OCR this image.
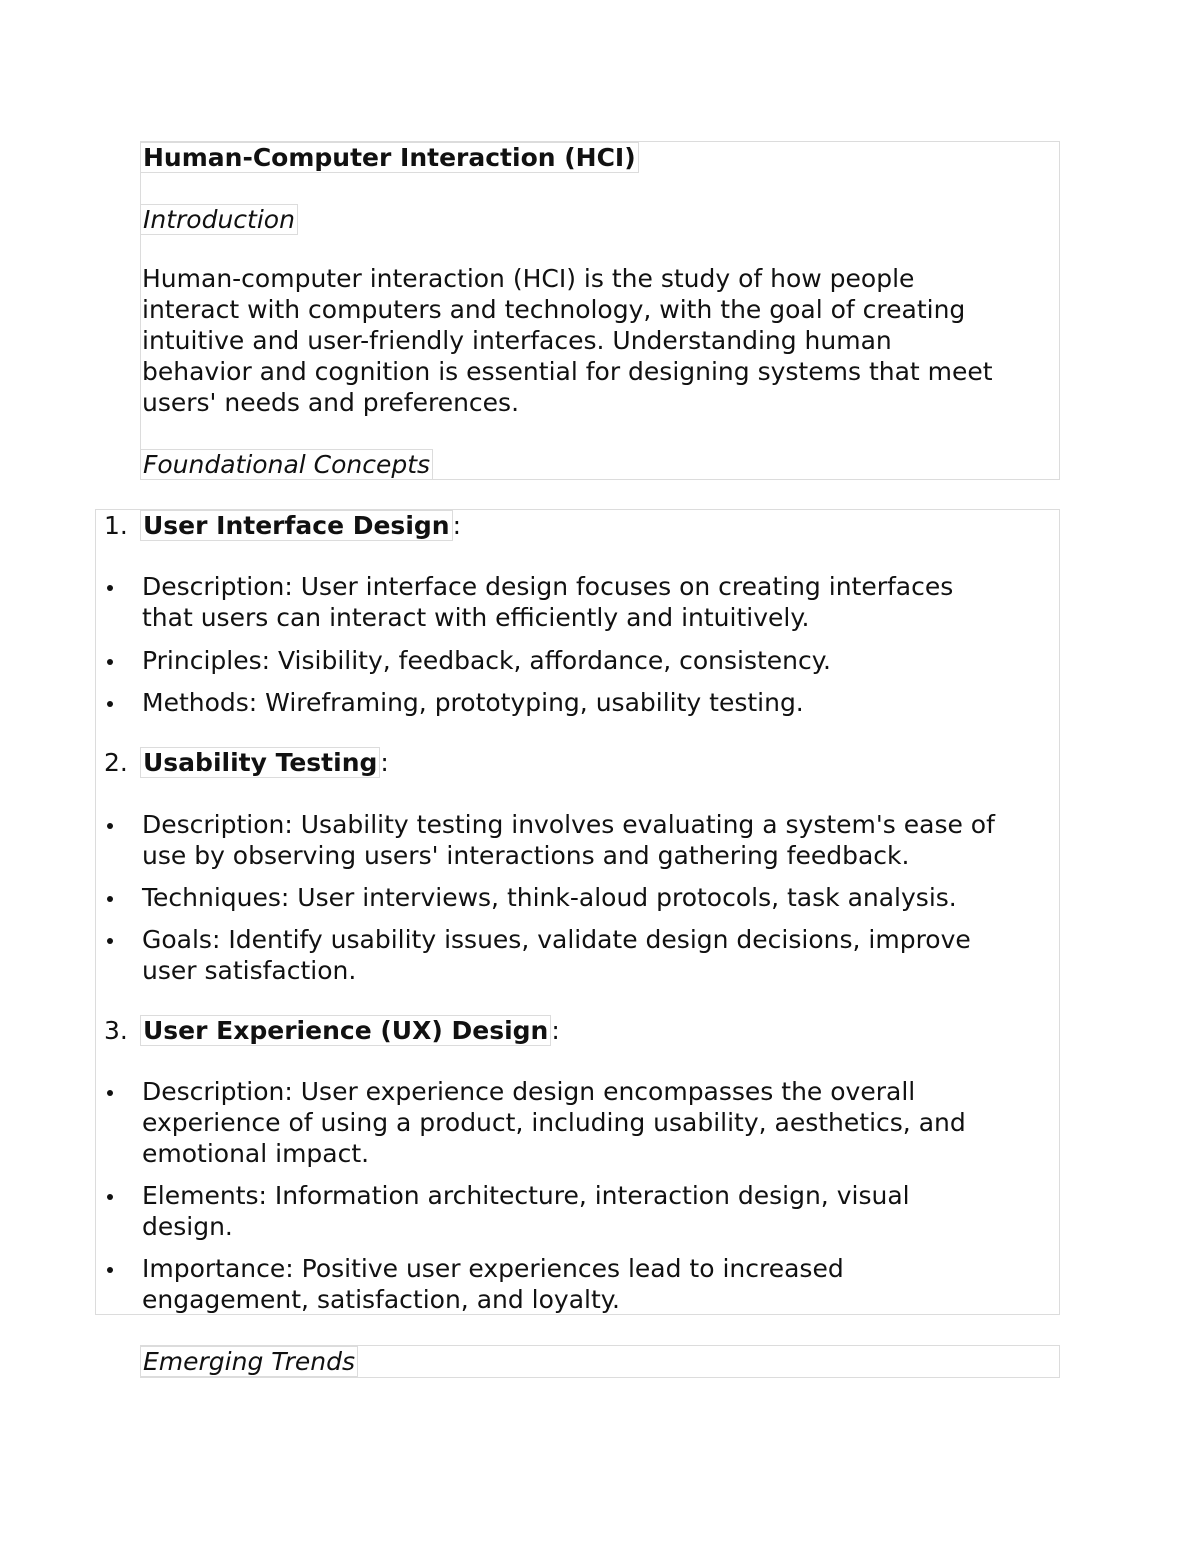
Human-Computer Interaction (HCI)
Introduction
Human-computer interaction (HCI) is the study of how people
interact with computers and technology, with the goal of creating
intuitive and user-friendly interfaces. Understanding human
behavior and cognition is essential for designing systems that meet
users' needs and preferences.
Foundational Concepts
1. User Interface Design :
Description: User interface design focuses on creating interfaces
that users can interact with efficiently and intuitively.
Principles: Visibility, feedback, affordance, consistency.
Methods: Wireframing, prototyping, usability testing.
2. Usability Testing :
Description: Usability testing involves evaluating a system's ease of
use by observing users' interactions and gathering feedback.
Techniques: User interviews, think-aloud protocols, task analysis.
Goals: Identify usability issues, validate design decisions, improve
user satisfaction.
3. User Experience (UX) Design :
Description: User experience design encompasses the overall
experience of using a product, including usability, aesthetics, and
emotional impact.
Elements: Information architecture, interaction design, visual
design.
Importance: Positive user experiences lead to increased
engagement, satisfaction, and loyalty.
Emerging Trends
